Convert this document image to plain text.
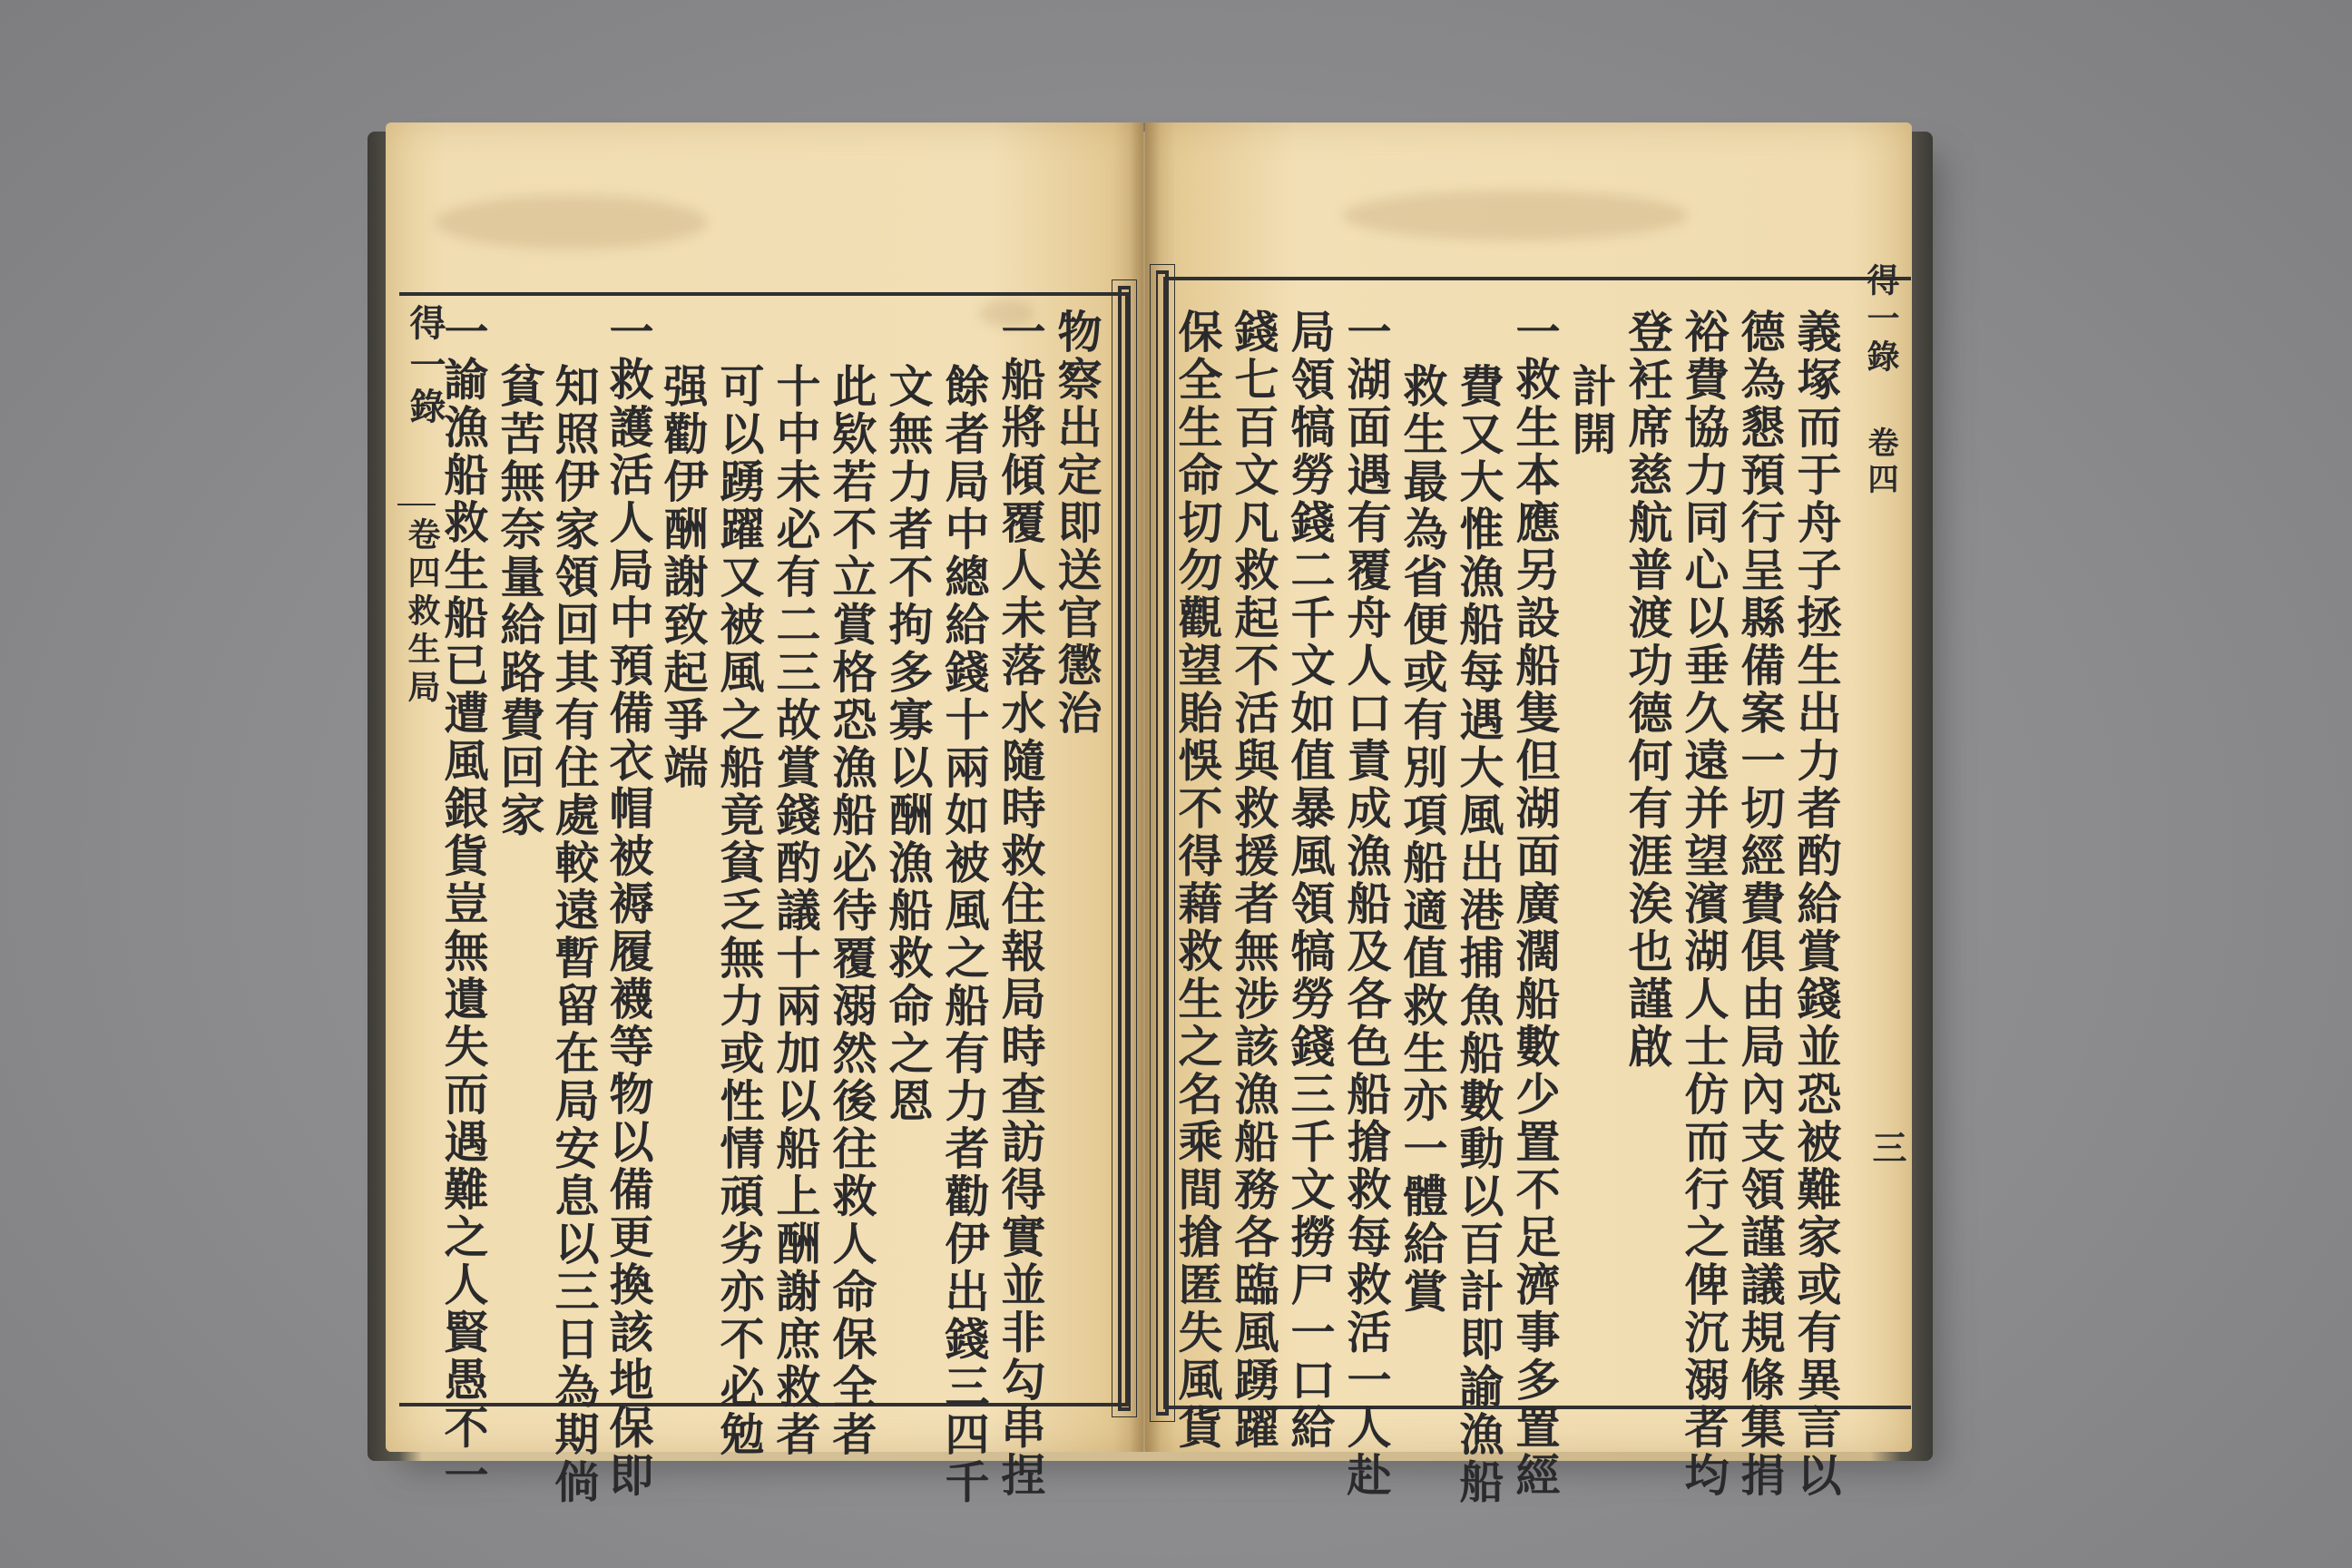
得一錄
卷四救生局
一諭漁船救生船已遭風銀貨豈無遺失而遇難之人賢愚不一 貧苦無奈量給路費回家 知照伊家領回其有住處較遠暫留在局安息以三日為期倘 一救護活人局中預備衣帽被褥履襪等物以備更換該地保即 强勸伊酬謝致起爭端 可以踴躍又被風之船竟貧乏無力或性情頑劣亦不必勉 十中未必有二三故賞錢酌議十兩加以船上酬謝庶救者 此欵若不立賞格恐漁船必待覆溺然後往救人命保全者 文無力者不拘多寡以酬漁船救命之恩 餘者局中總給錢十兩如被風之船有力者勸伊出錢三四千 一船將傾覆人未落水隨時救住報局時查訪得實並非勾串捏 物察出定即送官懲治 保全生命切勿觀望貽悞不得藉救生之名乘間搶匿失風貨 錢七百文凡救起不活與救援者無涉該漁船務各臨風踴躍 局領犒勞錢二千文如值暴風領犒勞錢三千文撈尸一口給 一湖面遇有覆舟人口責成漁船及各色船搶救每救活一人赴 救生最為省便或有別項船適值救生亦一體給賞 費又大惟漁船每遇大風出港捕魚船數動以百計即諭漁船 一救生本應另設船隻但湖面廣濶船數少置不足濟事多置經 計開 登衽席慈航普渡功德何有涯涘也謹啟 裕費協力同心以垂久遠并望濱湖人士仿而行之俾沉溺者均 德為懇預行呈縣備案一切經費俱由局內支領謹議規條集捐 義塚而于舟子拯生出力者酌給賞錢並恐被難家或有異言以 得一錄
卷四
三
